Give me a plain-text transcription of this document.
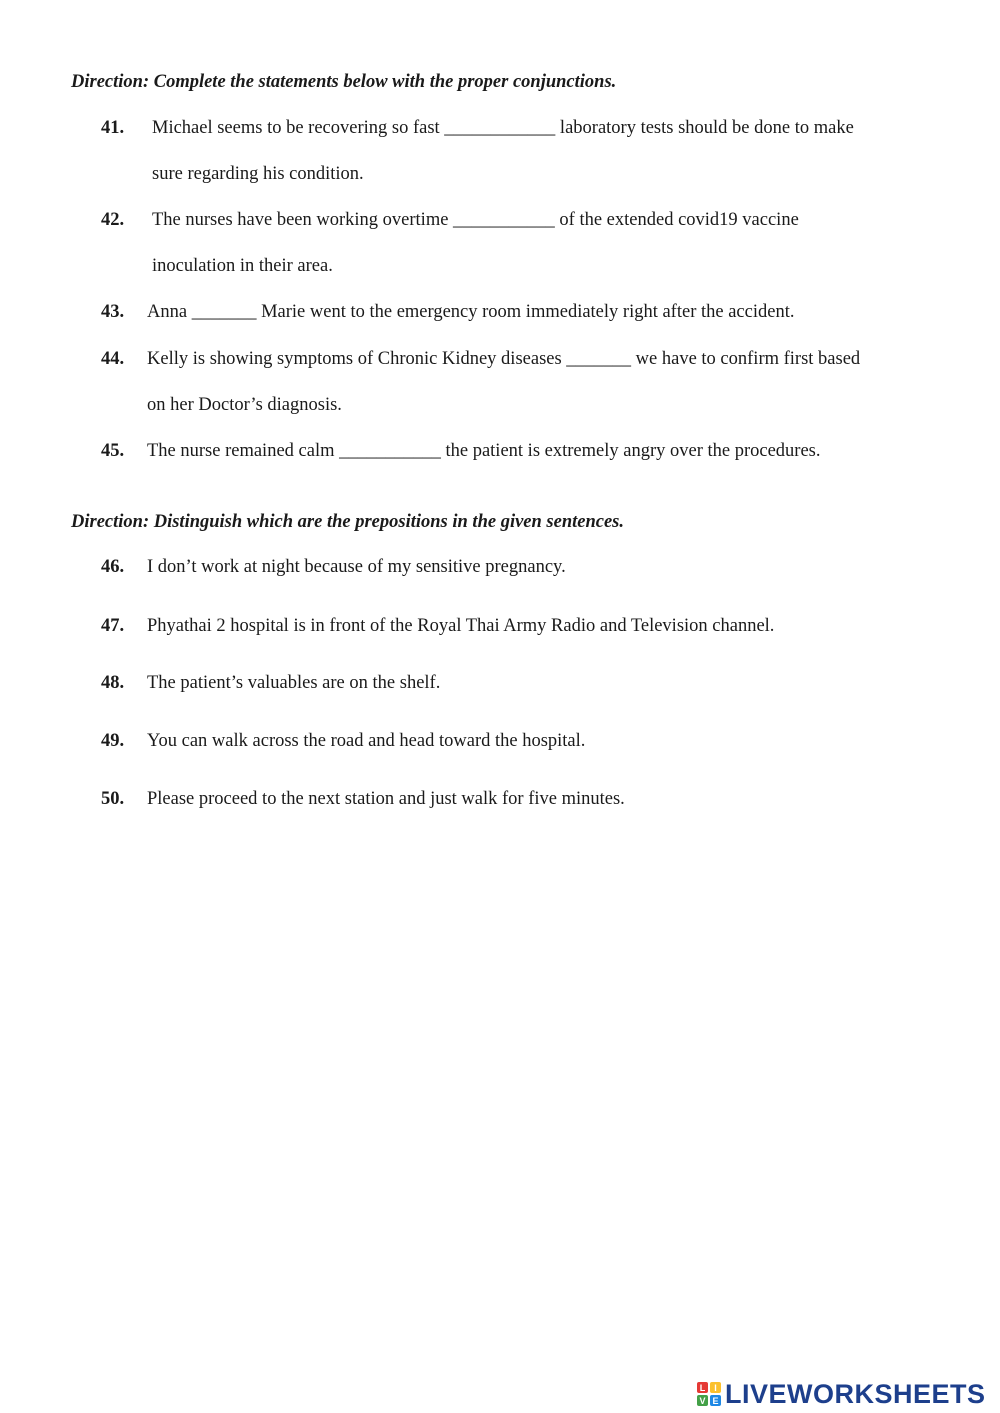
Direction: Complete the statements below with the proper conjunctions.
41. Michael seems to be recovering so fast ____________ laboratory tests should be done to make
sure regarding his condition.
42. The nurses have been working overtime ___________ of the extended covid19 vaccine
inoculation in their area.
43. Anna _______ Marie went to the emergency room immediately right after the accident.
44. Kelly is showing symptoms of Chronic Kidney diseases _______ we have to confirm first based
on her Doctor’s diagnosis.
45. The nurse remained calm ___________ the patient is extremely angry over the procedures.
Direction: Distinguish which are the prepositions in the given sentences.
46. I don’t work at night because of my sensitive pregnancy.
47. Phyathai 2 hospital is in front of the Royal Thai Army Radio and Television channel.
48. The patient’s valuables are on the shelf.
49. You can walk across the road and head toward the hospital.
50. Please proceed to the next station and just walk for five minutes.
L I
V E LIVEWORKSHEETS
